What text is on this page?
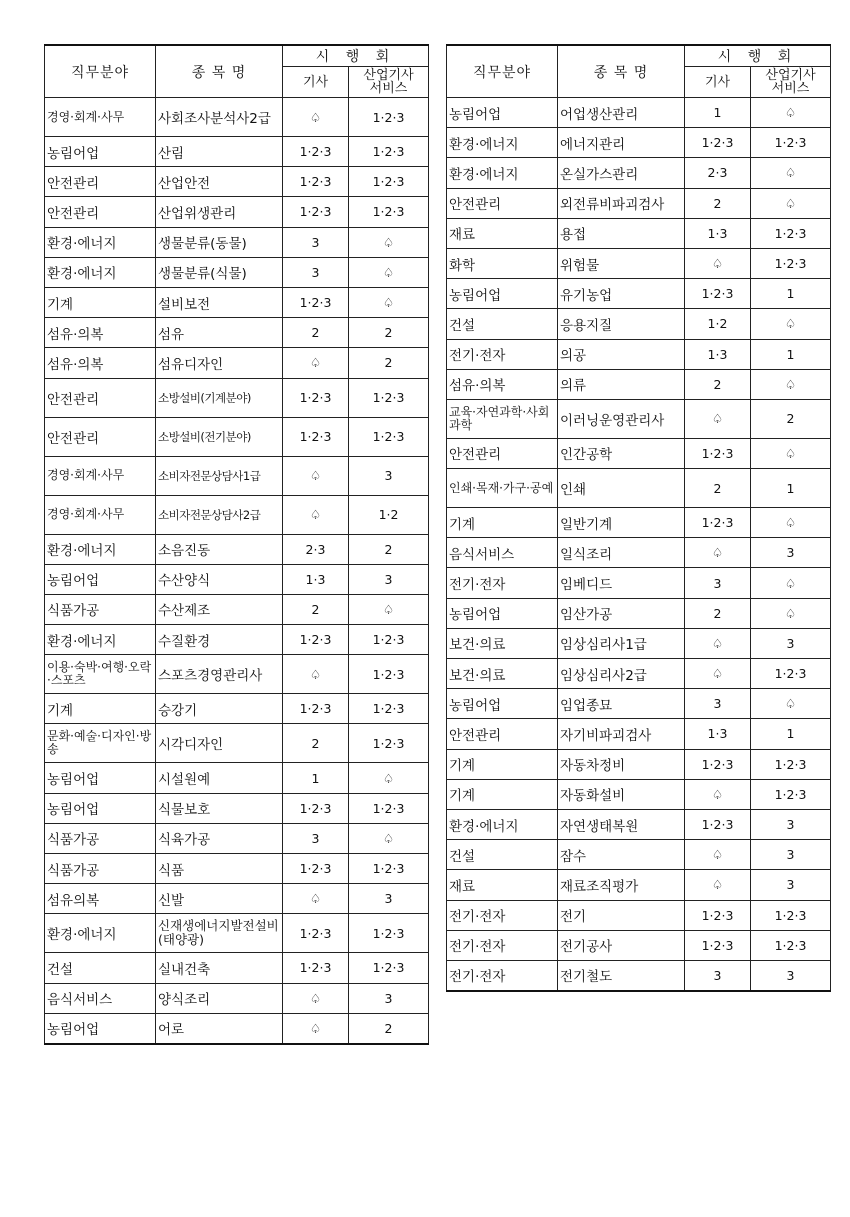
직무분야	종 목 명	시 행 회	
		기사	산업기사
서비스
경영·회계·사무	사회조사분석사2급	♤	1·2·3
농림어업	산림	1·2·3	1·2·3
안전관리	산업안전	1·2·3	1·2·3
안전관리	산업위생관리	1·2·3	1·2·3
환경·에너지	생물분류(동물)	3	♤
환경·에너지	생물분류(식물)	3	♤
기계	설비보전	1·2·3	♤
섬유·의복	섬유	2	2
섬유·의복	섬유디자인	♤	2
안전관리	소방설비(기계분야)	1·2·3	1·2·3
안전관리	소방설비(전기분야)	1·2·3	1·2·3
경영·회계·사무	소비자전문상담사1급	♤	3
경영·회계·사무	소비자전문상담사2급	♤	1·2
환경·에너지	소음진동	2·3	2
농림어업	수산양식	1·3	3
식품가공	수산제조	2	♤
환경·에너지	수질환경	1·2·3	1·2·3
이용·숙박·여행·오락·스포츠	스포츠경영관리사	♤	1·2·3
기계	승강기	1·2·3	1·2·3
문화·예술·디자인·방송	시각디자인	2	1·2·3
농림어업	시설원예	1	♤
농림어업	식물보호	1·2·3	1·2·3
식품가공	식육가공	3	♤
식품가공	식품	1·2·3	1·2·3
섬유의복	신발	♤	3
환경·에너지	신재생에너지발전설비(태양광)	1·2·3	1·2·3
건설	실내건축	1·2·3	1·2·3
음식서비스	양식조리	♤	3
농림어업	어로	♤	2
직무분야	종 목 명	시 행 회	
		기사	산업기사
서비스
농림어업	어업생산관리	1	♤
환경·에너지	에너지관리	1·2·3	1·2·3
환경·에너지	온실가스관리	2·3	♤
안전관리	외전류비파괴검사	2	♤
재료	용접	1·3	1·2·3
화학	위험물	♤	1·2·3
농림어업	유기농업	1·2·3	1
건설	응용지질	1·2	♤
전기·전자	의공	1·3	1
섬유·의복	의류	2	♤
교육·자연과학·사회과학	이러닝운영관리사	♤	2
안전관리	인간공학	1·2·3	♤
인쇄·목재·가구·공예	인쇄	2	1
기계	일반기계	1·2·3	♤
음식서비스	일식조리	♤	3
전기·전자	임베디드	3	♤
농림어업	임산가공	2	♤
보건·의료	임상심리사1급	♤	3
보건·의료	임상심리사2급	♤	1·2·3
농림어업	임업종묘	3	♤
안전관리	자기비파괴검사	1·3	1
기계	자동차정비	1·2·3	1·2·3
기계	자동화설비	♤	1·2·3
환경·에너지	자연생태복원	1·2·3	3
건설	잠수	♤	3
재료	재료조직평가	♤	3
전기·전자	전기	1·2·3	1·2·3
전기·전자	전기공사	1·2·3	1·2·3
전기·전자	전기철도	3	3
